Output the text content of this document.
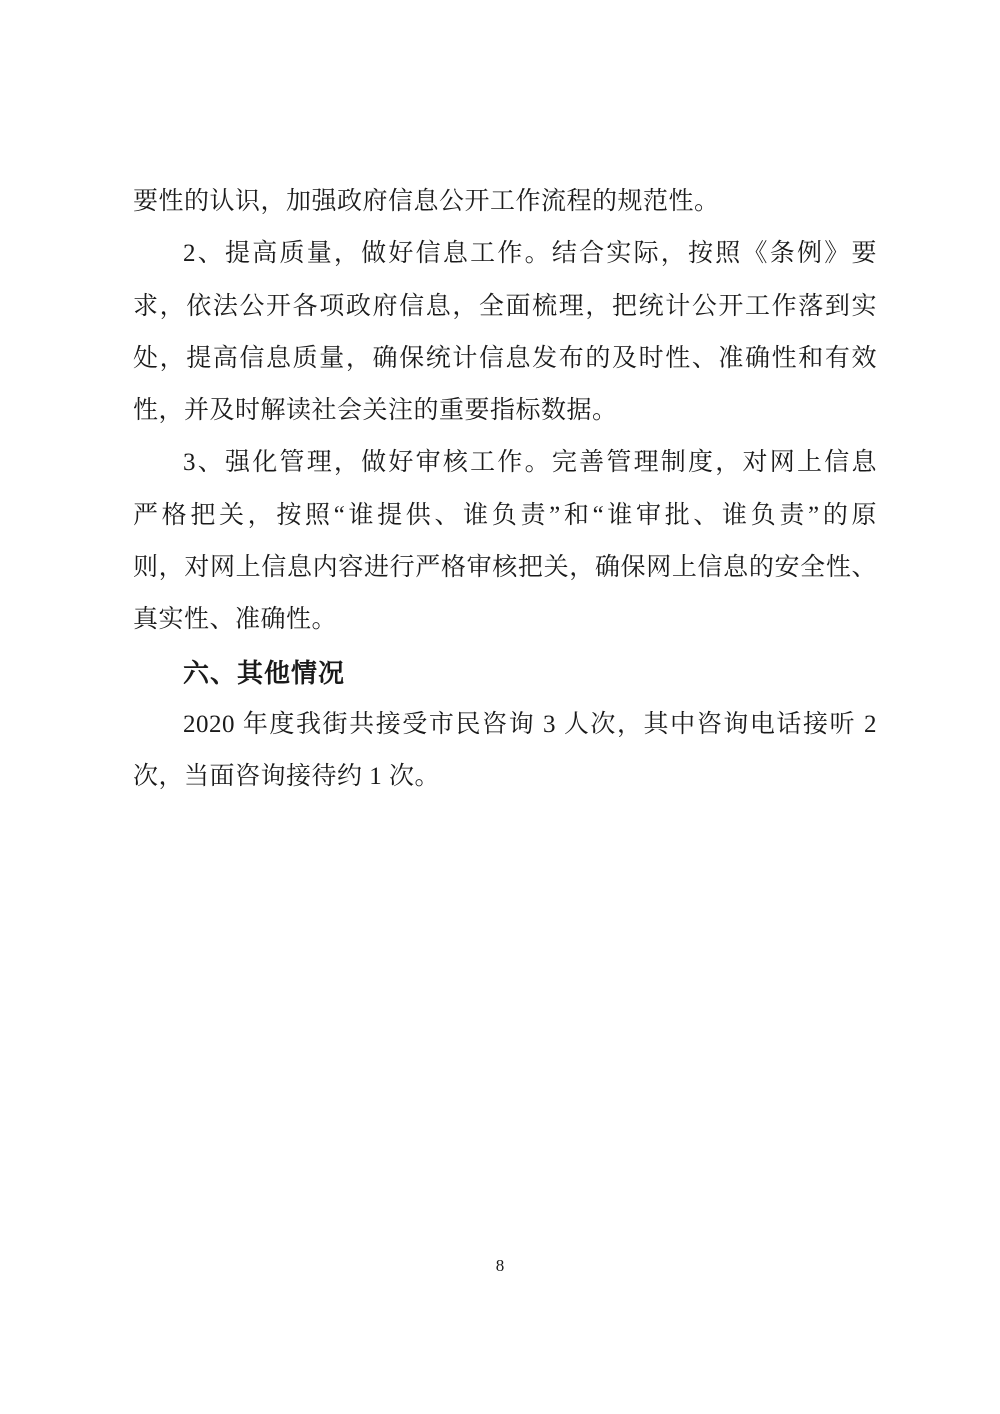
要性的认识，加强政府信息公开工作流程的规范性。
2、提高质量，做好信息工作。结合实际，按照《条例》要
求，依法公开各项政府信息，全面梳理，把统计公开工作落到实
处，提高信息质量，确保统计信息发布的及时性、准确性和有效
性，并及时解读社会关注的重要指标数据。
3、强化管理，做好审核工作。完善管理制度，对网上信息
严格把关，按照“谁提供、谁负责”和“谁审批、谁负责”的原
则，对网上信息内容进行严格审核把关，确保网上信息的安全性、
真实性、准确性。
六、其他情况
2020 年度我街共接受市民咨询 3 人次，其中咨询电话接听 2
次，当面咨询接待约 1 次。
8
